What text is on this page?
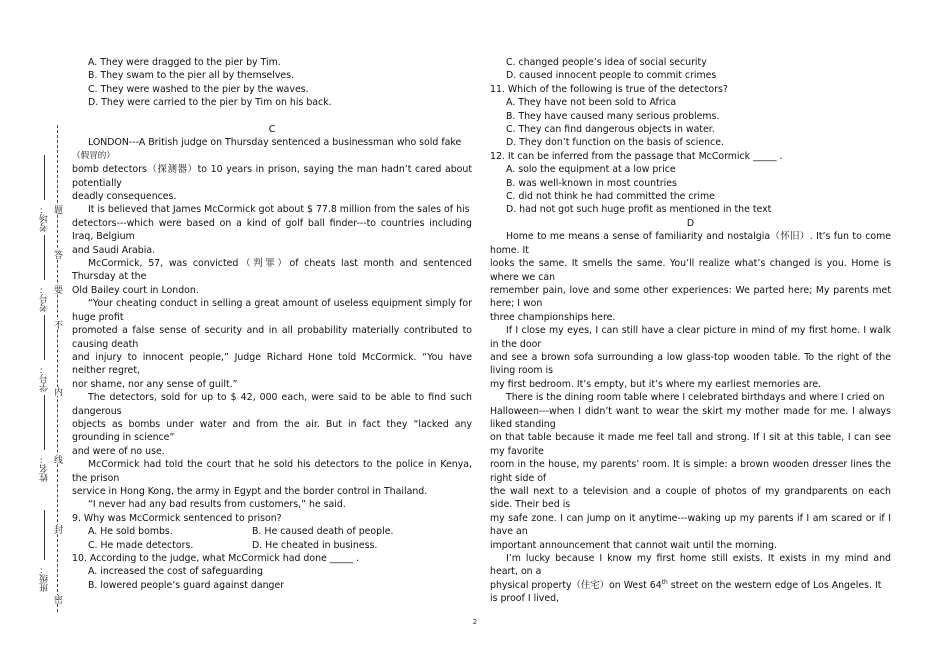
班级：
姓名：
学号：
考号：
考场：
密
封
线
内
不
要
答
题

A. They were dragged to the pier by Tim.

B. They swam to the pier all by themselves.

C. They were washed to the pier by the waves.

D. They were carried to the pier by Tim on his back.

C

LONDON---A British judge on Thursday sentenced a businessman who sold fake

（假冒的）

bomb detectors（探测器）to 10 years in prison, saying the man hadn’t cared about potentially

deadly consequences.

It is believed that James McCormick got about $ 77.8 million from the sales of his

detectors---which were based on a kind of golf ball finder---to countries including Iraq, Belgium

and Saudi Arabia.

McCormick, 57, was convicted（判罪）of cheats last month and sentenced Thursday at the

Old Bailey court in London.

“Your cheating conduct in selling a great amount of useless equipment simply for huge profit

promoted a false sense of security and in all probability materially contributed to causing death

and injury to innocent people,” Judge Richard Hone told McCormick. “You have neither regret,

nor shame, nor any sense of guilt.”

The detectors, sold for up to $ 42, 000 each, were said to be able to find such dangerous

objects as bombs under water and from the air. But in fact they “lacked any grounding in science”

and were of no use.

McCormick had told the court that he sold his detectors to the police in Kenya, the prison

service in Hong Kong, the army in Egypt and the border control in Thailand.

“I never had any bad results from customers,” he said.

9. Why was McCormick sentenced to prison?

A. He sold bombs.	B. He caused death of people.
C. He made detectors.	D. He cheated in business.

10. According to the judge, what McCormick had done _____ .

A. increased the cost of safeguarding

B. lowered people’s guard against danger

C. changed people’s idea of social security

D. caused innocent people to commit crimes

11. Which of the following is true of the detectors?

A. They have not been sold to Africa

B. They have caused many serious problems.

C. They can find dangerous objects in water.

D. They don’t function on the basis of science.

12. It can be inferred from the passage that McCormick _____ .

A. solo the equipment at a low price

B. was well-known in most countries

C. did not think he had committed the crime

D. had not got such huge profit as mentioned in the text

D

Home to me means a sense of familiarity and nostalgia（怀旧）. It’s fun to come home. It

looks the same. It smells the same. You’ll realize what’s changed is you. Home is where we can

remember pain, love and some other experiences: We parted here; My parents met here; I won

three championships here.

If I close my eyes, I can still have a clear picture in mind of my first home. I walk in the door

and see a brown sofa surrounding a low glass-top wooden table. To the right of the living room is

my first bedroom. It’s empty, but it’s where my earliest memories are.

There is the dining room table where I celebrated birthdays and where I cried on

Halloween---when I didn’t want to wear the skirt my mother made for me. I always liked standing

on that table because it made me feel tall and strong. If I sit at this table, I can see my favorite

room in the house, my parents’ room. It is simple: a brown wooden dresser lines the right side of

the wall next to a television and a couple of photos of my grandparents on each side. Their bed is

my safe zone. I can jump on it anytime---waking up my parents if I am scared or if I have an

important announcement that cannot wait until the morning.

I’m lucky because I know my first home still exists. It exists in my mind and heart, on a

physical property（住宅）on West 64th street on the western edge of Los Angeles. It is proof I lived,

2
